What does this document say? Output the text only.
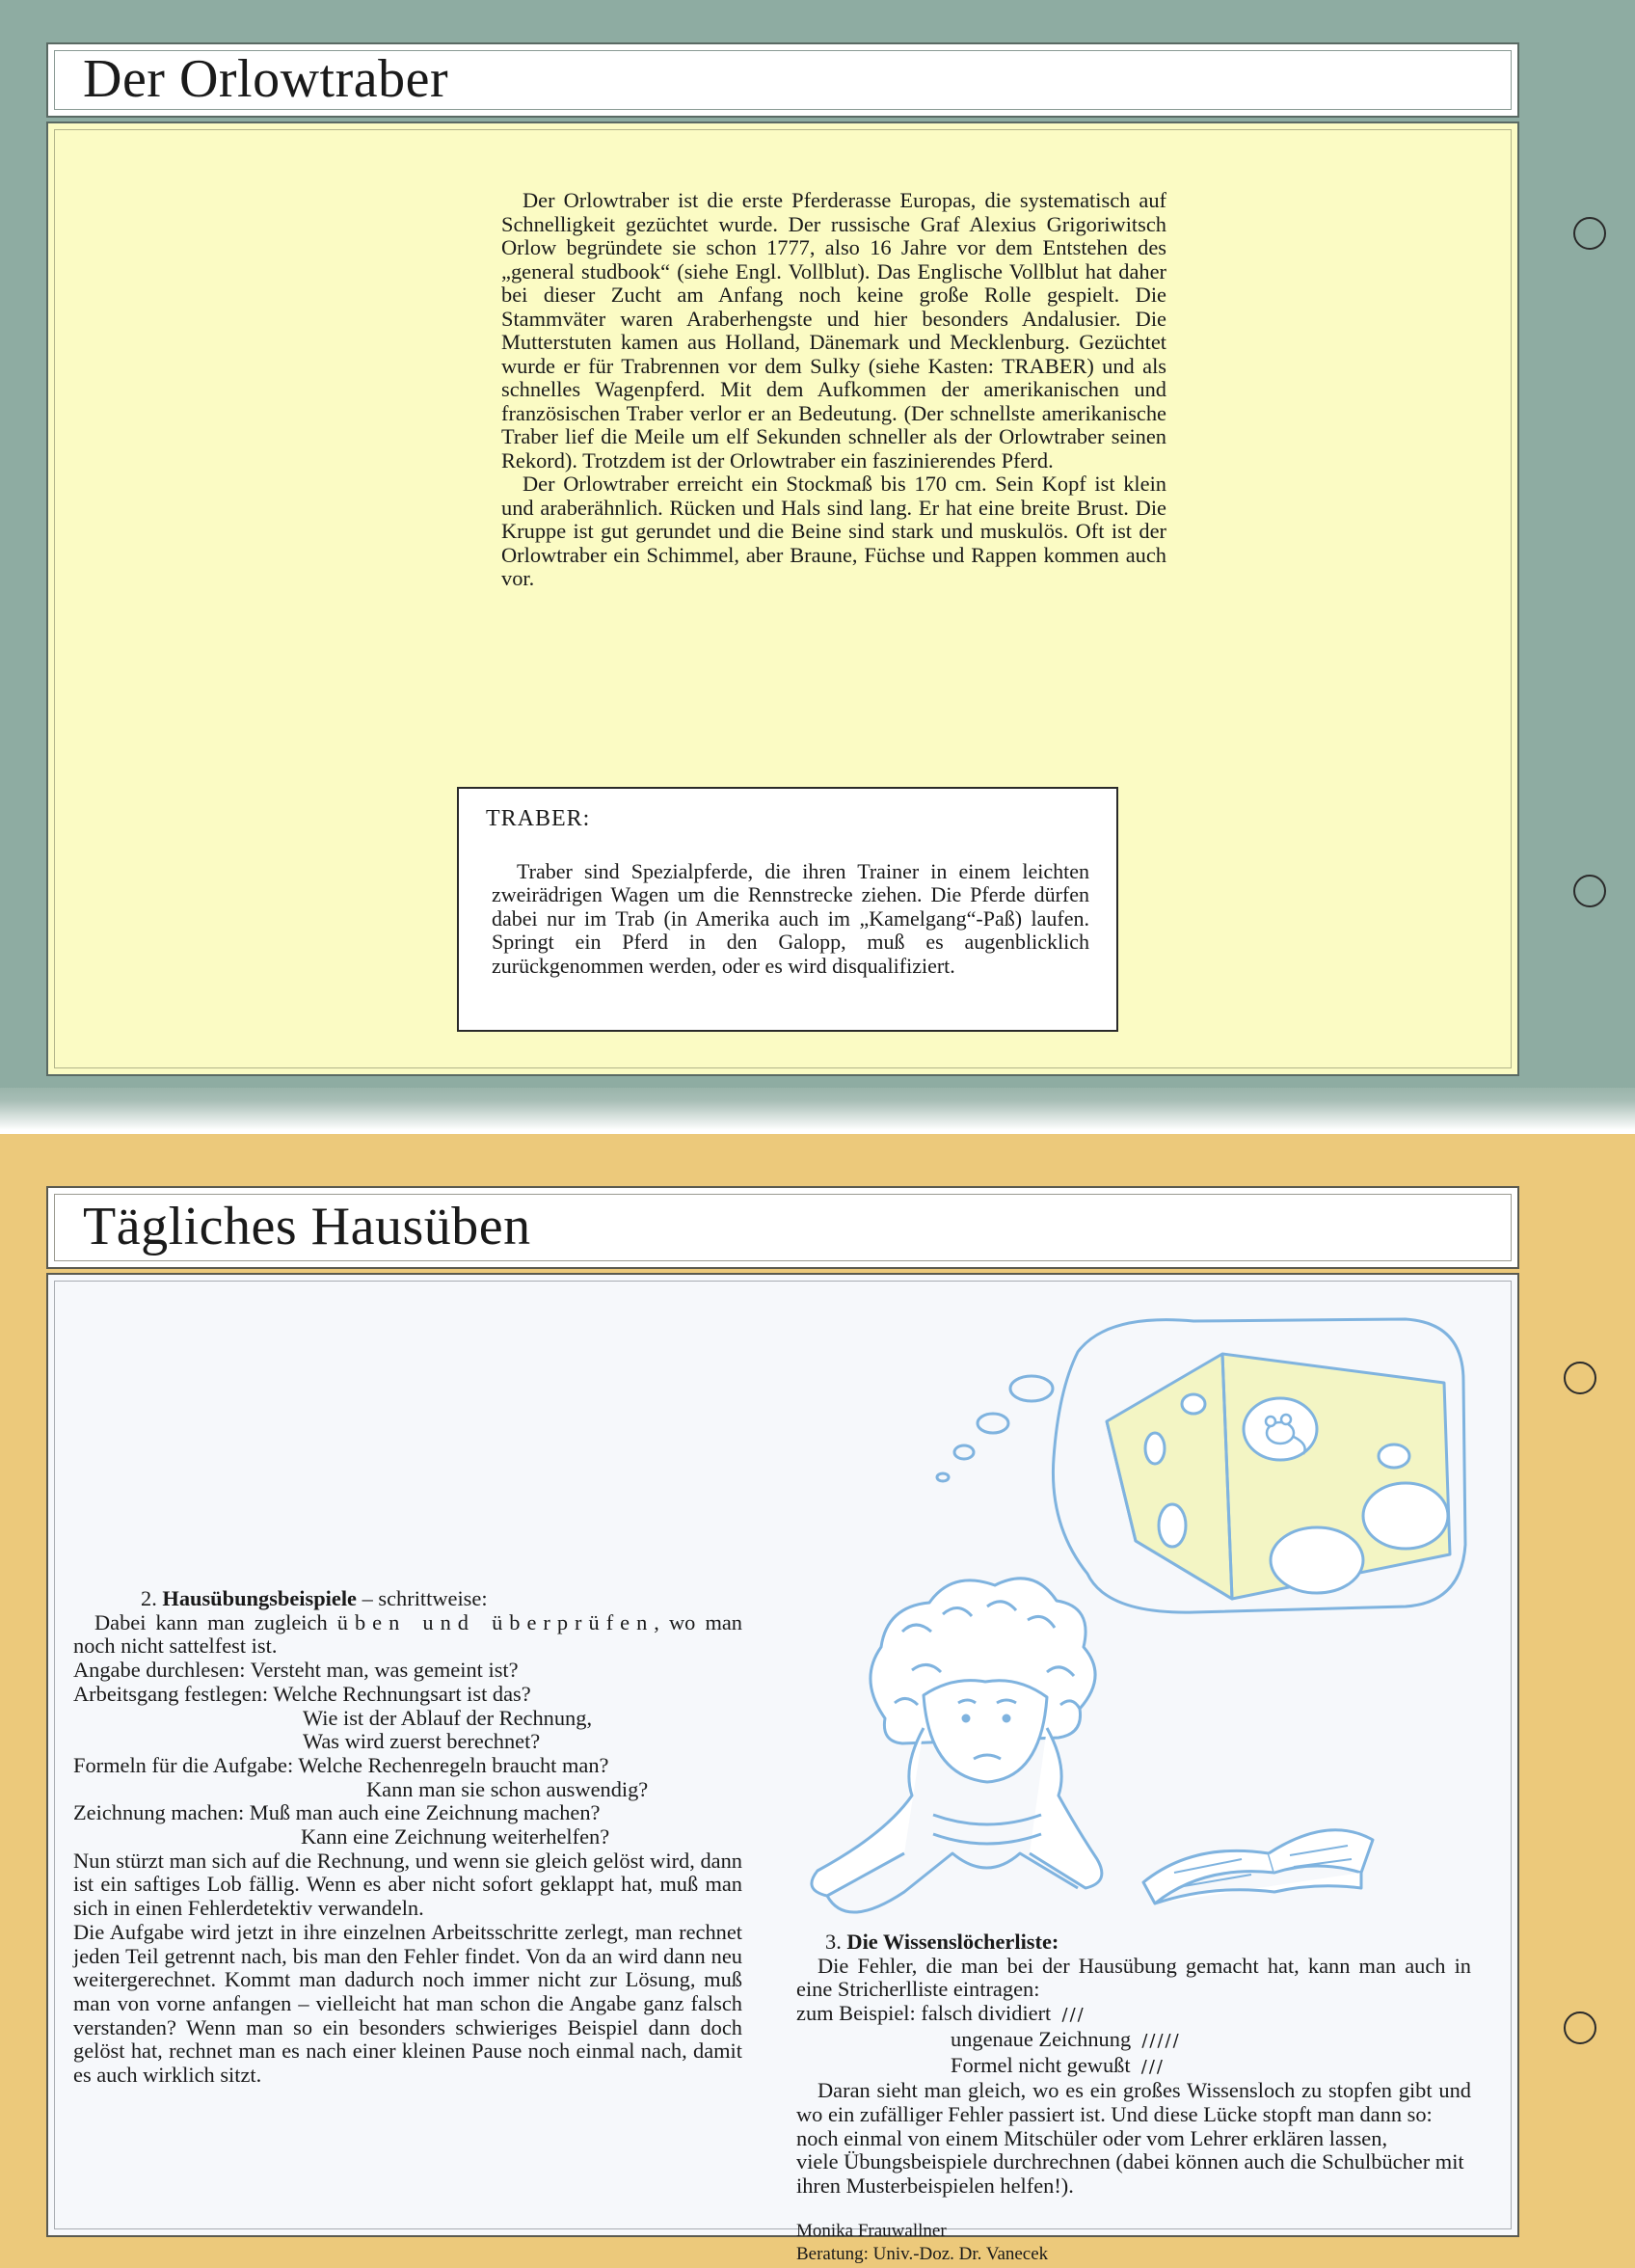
Der Orlowtraber

Der Orlowtraber ist die erste Pferderasse Europas, die systematisch auf Schnelligkeit gezüchtet wurde. Der russische Graf Alexius Grigoriwitsch Orlow begründete sie schon 1777, also 16 Jahre vor dem Entstehen des „general studbook“ (siehe Engl. Vollblut). Das Englische Vollblut hat daher bei dieser Zucht am Anfang noch keine große Rolle gespielt. Die Stammväter waren Araberhengste und hier besonders Andalusier. Die Mutterstuten kamen aus Holland, Dänemark und Mecklenburg. Gezüchtet wurde er für Trabrennen vor dem Sulky (siehe Kasten: TRABER) und als schnelles Wagenpferd. Mit dem Aufkommen der amerikanischen und französischen Traber verlor er an Bedeutung. (Der schnellste amerikanische Traber lief die Meile um elf Sekunden schneller als der Orlowtraber seinen Rekord). Trotzdem ist der Orlowtraber ein faszinierendes Pferd.

Der Orlowtraber erreicht ein Stockmaß bis 170 cm. Sein Kopf ist klein und araberähnlich. Rücken und Hals sind lang. Er hat eine breite Brust. Die Kruppe ist gut gerundet und die Beine sind stark und muskulös. Oft ist der Orlowtraber ein Schimmel, aber Braune, Füchse und Rappen kommen auch vor.

TRABER:
Traber sind Spezialpferde, die ihren Trainer in einem leichten zweirädrigen Wagen um die Rennstrecke ziehen. Die Pferde dürfen dabei nur im Trab (in Amerika auch im „Kamelgang“-Paß) laufen. Springt ein Pferd in den Galopp, muß es augenblicklich zurückgenommen werden, oder es wird disqualifiziert.
Tägliches Hausüben
2. Hausübungsbeispiele – schrittweise:
Dabei kann man zugleich üben und überprüfen, wo man noch nicht sattelfest ist.
Angabe durchlesen: Versteht man, was gemeint ist?
Arbeitsgang festlegen: Welche Rechnungsart ist das?
Wie ist der Ablauf der Rechnung,
Was wird zuerst berechnet?
Formeln für die Aufgabe: Welche Rechenregeln braucht man?
Kann man sie schon auswendig?
Zeichnung machen: Muß man auch eine Zeichnung machen?
Kann eine Zeichnung weiterhelfen?
Nun stürzt man sich auf die Rechnung, und wenn sie gleich gelöst wird, dann ist ein saftiges Lob fällig. Wenn es aber nicht sofort geklappt hat, muß man sich in einen Fehlerdetektiv verwandeln.
Die Aufgabe wird jetzt in ihre einzelnen Arbeitsschritte zerlegt, man rechnet jeden Teil getrennt nach, bis man den Fehler findet. Von da an wird dann neu weitergerechnet. Kommt man dadurch noch immer nicht zur Lösung, muß man von vorne anfangen – vielleicht hat man schon die Angabe ganz falsch verstanden? Wenn man so ein besonders schwieriges Beispiel dann doch gelöst hat, rechnet man es nach einer kleinen Pause noch einmal nach, damit es auch wirklich sitzt.
3. Die Wissenslöcherliste:
Die Fehler, die man bei der Hausübung gemacht hat, kann man auch in eine Stricherlliste eintragen:
zum Beispiel: falsch dividiert ///
ungenaue Zeichnung /////
Formel nicht gewußt ///
Daran sieht man gleich, wo es ein großes Wissensloch zu stopfen gibt und wo ein zufälliger Fehler passiert ist. Und diese Lücke stopft man dann so:
noch einmal von einem Mitschüler oder vom Lehrer erklären lassen,
viele Übungsbeispiele durchrechnen (dabei können auch die Schulbücher mit ihren Musterbeispielen helfen!).
Monika Frauwallner
Beratung: Univ.-Doz. Dr. Vanecek
